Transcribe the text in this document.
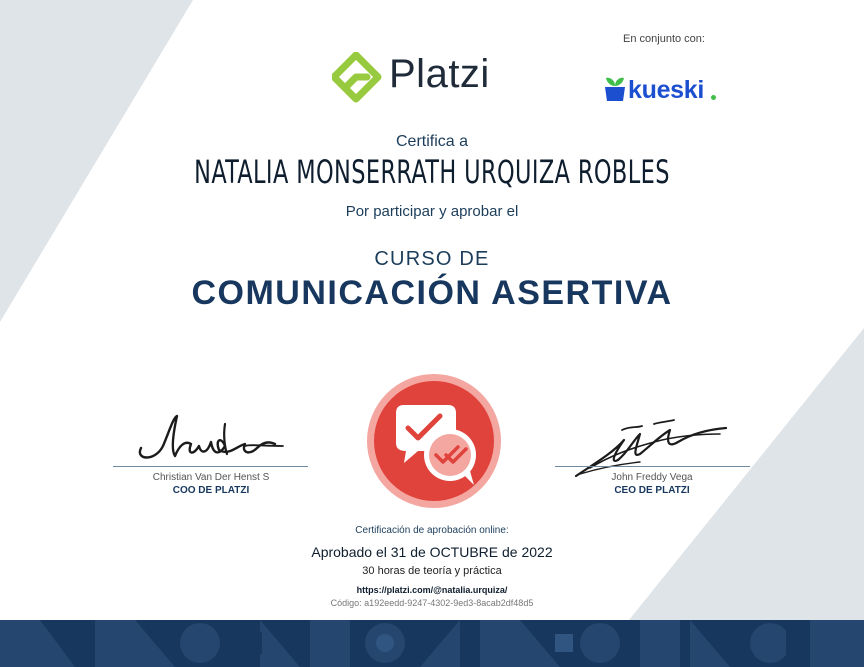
Platzi
En conjunto con:
kueski
Certifica a
NATALIA MONSERRATH URQUIZA ROBLES
Por participar y aprobar el
CURSO DE
COMUNICACIÓN ASERTIVA
Christian Van Der Henst S
COO DE PLATZI
John Freddy Vega
CEO DE PLATZI
Certificación de aprobación online:
Aprobado el 31 de OCTUBRE de 2022
30 horas de teoría y práctica
https://platzi.com/@natalia.urquiza/
Código: a192eedd-9247-4302-9ed3-8acab2df48d5
